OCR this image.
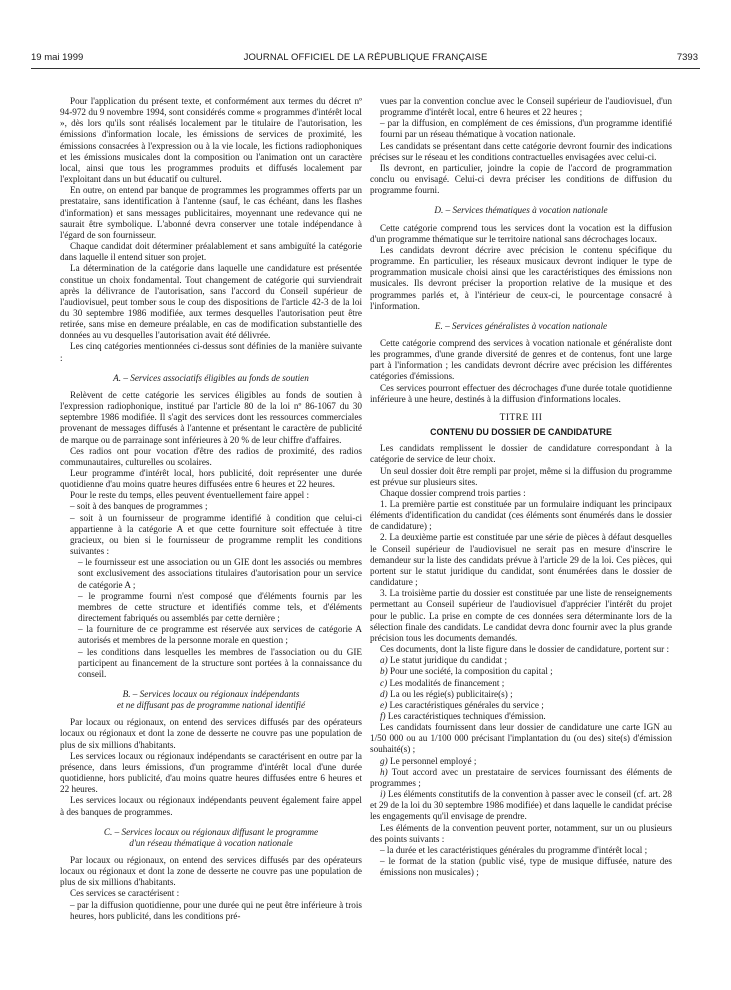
19 mai 1999	JOURNAL OFFICIEL DE LA RÉPUBLIQUE FRANÇAISE	7393

Pour l'application du présent texte, et conformément aux termes du décret nº 94-972 du 9 novembre 1994, sont considérés comme « programmes d'intérêt local », dès lors qu'ils sont réalisés localement par le titulaire de l'autorisation, les émissions d'information locale, les émissions de services de proximité, les émissions consacrées à l'expression ou à la vie locale, les fictions radiophoniques et les émissions musicales dont la composition ou l'animation ont un caractère local, ainsi que tous les programmes produits et diffusés localement par l'exploitant dans un but éducatif ou culturel.

En outre, on entend par banque de programmes les programmes offerts par un prestataire, sans identification à l'antenne (sauf, le cas échéant, dans les flashes d'information) et sans messages publicitaires, moyennant une redevance qui ne saurait être symbolique. L'abonné devra conserver une totale indépendance à l'égard de son fournisseur.

Chaque candidat doit déterminer préalablement et sans ambiguïté la catégorie dans laquelle il entend situer son projet.

La détermination de la catégorie dans laquelle une candidature est présentée constitue un choix fondamental. Tout changement de catégorie qui surviendrait après la délivrance de l'autorisation, sans l'accord du Conseil supérieur de l'audiovisuel, peut tomber sous le coup des dispositions de l'article 42-3 de la loi du 30 septembre 1986 modifiée, aux termes desquelles l'autorisation peut être retirée, sans mise en demeure préalable, en cas de modification substantielle des données au vu desquelles l'autorisation avait été délivrée.

Les cinq catégories mentionnées ci-dessus sont définies de la manière suivante :

A. – Services associatifs éligibles au fonds de soutien

Relèvent de cette catégorie les services éligibles au fonds de soutien à l'expression radiophonique, institué par l'article 80 de la loi nº 86-1067 du 30 septembre 1986 modifiée. Il s'agit des services dont les ressources commerciales provenant de messages diffusés à l'antenne et présentant le caractère de publicité de marque ou de parrainage sont inférieures à 20 % de leur chiffre d'affaires.

Ces radios ont pour vocation d'être des radios de proximité, des radios communautaires, culturelles ou scolaires.

Leur programme d'intérêt local, hors publicité, doit représenter une durée quotidienne d'au moins quatre heures diffusées entre 6 heures et 22 heures.

Pour le reste du temps, elles peuvent éventuellement faire appel :

– soit à des banques de programmes ;

– soit à un fournisseur de programme identifié à condition que celui-ci appartienne à la catégorie A et que cette fourniture soit effectuée à titre gracieux, ou bien si le fournisseur de programme remplit les conditions suivantes :

– le fournisseur est une association ou un GIE dont les associés ou membres sont exclusivement des associations titulaires d'autorisation pour un service de catégorie A ;

– le programme fourni n'est composé que d'éléments fournis par les membres de cette structure et identifiés comme tels, et d'éléments directement fabriqués ou assemblés par cette dernière ;

– la fourniture de ce programme est réservée aux services de catégorie A autorisés et membres de la personne morale en question ;

– les conditions dans lesquelles les membres de l'association ou du GIE participent au financement de la structure sont portées à la connaissance du conseil.

B. – Services locaux ou régionaux indépendants
et ne diffusant pas de programme national identifié

Par locaux ou régionaux, on entend des services diffusés par des opérateurs locaux ou régionaux et dont la zone de desserte ne couvre pas une population de plus de six millions d'habitants.

Les services locaux ou régionaux indépendants se caractérisent en outre par la présence, dans leurs émissions, d'un programme d'intérêt local d'une durée quotidienne, hors publicité, d'au moins quatre heures diffusées entre 6 heures et 22 heures.

Les services locaux ou régionaux indépendants peuvent également faire appel à des banques de programmes.

C. – Services locaux ou régionaux diffusant le programme
d'un réseau thématique à vocation nationale

Par locaux ou régionaux, on entend des services diffusés par des opérateurs locaux ou régionaux et dont la zone de desserte ne couvre pas une population de plus de six millions d'habitants.

Ces services se caractérisent :

– par la diffusion quotidienne, pour une durée qui ne peut être inférieure à trois heures, hors publicité, dans les conditions pré-

vues par la convention conclue avec le Conseil supérieur de l'audiovisuel, d'un programme d'intérêt local, entre 6 heures et 22 heures ;

– par la diffusion, en complément de ces émissions, d'un programme identifié fourni par un réseau thématique à vocation nationale.

Les candidats se présentant dans cette catégorie devront fournir des indications précises sur le réseau et les conditions contractuelles envisagées avec celui-ci.

Ils devront, en particulier, joindre la copie de l'accord de programmation conclu ou envisagé. Celui-ci devra préciser les conditions de diffusion du programme fourni.

D. – Services thématiques à vocation nationale

Cette catégorie comprend tous les services dont la vocation est la diffusion d'un programme thématique sur le territoire national sans décrochages locaux.

Les candidats devront décrire avec précision le contenu spécifique du programme. En particulier, les réseaux musicaux devront indiquer le type de programmation musicale choisi ainsi que les caractéristiques des émissions non musicales. Ils devront préciser la proportion relative de la musique et des programmes parlés et, à l'intérieur de ceux-ci, le pourcentage consacré à l'information.

E. – Services généralistes à vocation nationale

Cette catégorie comprend des services à vocation nationale et généraliste dont les programmes, d'une grande diversité de genres et de contenus, font une large part à l'information ; les candidats devront décrire avec précision les différentes catégories d'émissions.

Ces services pourront effectuer des décrochages d'une durée totale quotidienne inférieure à une heure, destinés à la diffusion d'informations locales.

TITRE III
CONTENU DU DOSSIER DE CANDIDATURE

Les candidats remplissent le dossier de candidature correspondant à la catégorie de service de leur choix.

Un seul dossier doit être rempli par projet, même si la diffusion du programme est prévue sur plusieurs sites.

Chaque dossier comprend trois parties :

1. La première partie est constituée par un formulaire indiquant les principaux éléments d'identification du candidat (ces éléments sont énumérés dans le dossier de candidature) ;

2. La deuxième partie est constituée par une série de pièces à défaut desquelles le Conseil supérieur de l'audiovisuel ne serait pas en mesure d'inscrire le demandeur sur la liste des candidats prévue à l'article 29 de la loi. Ces pièces, qui portent sur le statut juridique du candidat, sont énumérées dans le dossier de candidature ;

3. La troisième partie du dossier est constituée par une liste de renseignements permettant au Conseil supérieur de l'audiovisuel d'apprécier l'intérêt du projet pour le public. La prise en compte de ces données sera déterminante lors de la sélection finale des candidats. Le candidat devra donc fournir avec la plus grande précision tous les documents demandés.

Ces documents, dont la liste figure dans le dossier de candidature, portent sur :

a) Le statut juridique du candidat ;

b) Pour une société, la composition du capital ;

c) Les modalités de financement ;

d) La ou les régie(s) publicitaire(s) ;

e) Les caractéristiques générales du service ;

f) Les caractéristiques techniques d'émission.

Les candidats fournissent dans leur dossier de candidature une carte IGN au 1/50 000 ou au 1/100 000 précisant l'implantation du (ou des) site(s) d'émission souhaité(s) ;

g) Le personnel employé ;

h) Tout accord avec un prestataire de services fournissant des éléments de programmes ;

i) Les éléments constitutifs de la convention à passer avec le conseil (cf. art. 28 et 29 de la loi du 30 septembre 1986 modifiée) et dans laquelle le candidat précise les engagements qu'il envisage de prendre.

Les éléments de la convention peuvent porter, notamment, sur un ou plusieurs des points suivants :

– la durée et les caractéristiques générales du programme d'intérêt local ;

– le format de la station (public visé, type de musique diffusée, nature des émissions non musicales) ;
